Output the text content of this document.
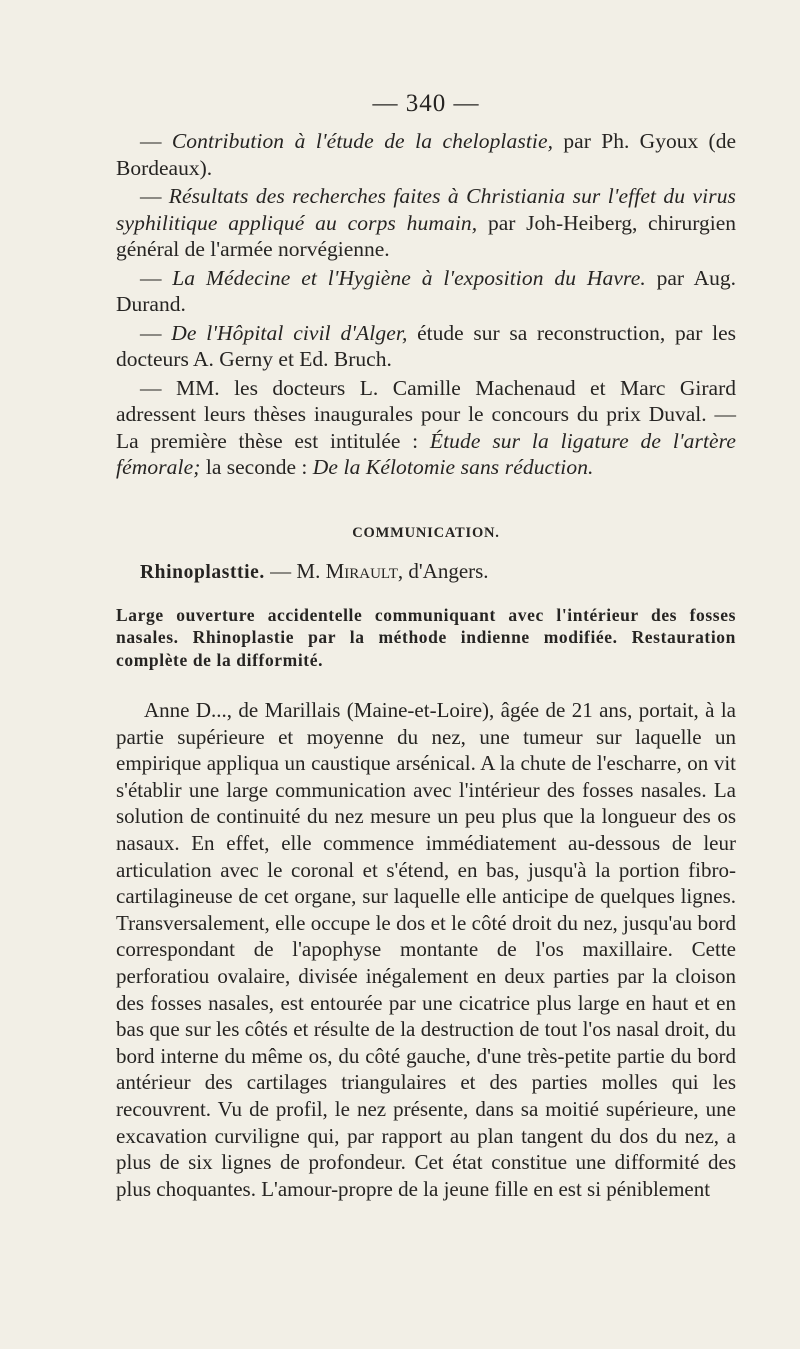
— 340 —

— Contribution à l'étude de la cheloplastie, par Ph. Gyoux (de Bordeaux).

— Résultats des recherches faites à Christiania sur l'effet du virus syphilitique appliqué au corps humain, par Joh-Heiberg, chirurgien général de l'armée norvégienne.

— La Médecine et l'Hygiène à l'exposition du Havre. par Aug. Durand.

— De l'Hôpital civil d'Alger, étude sur sa reconstruction, par les docteurs A. Gerny et Ed. Bruch.

— MM. les docteurs L. Camille Machenaud et Marc Girard adressent leurs thèses inaugurales pour le concours du prix Duval. — La première thèse est intitulée : Étude sur la ligature de l'artère fémorale; la seconde : De la Kélotomie sans réduction.

COMMUNICATION.

Rhinoplasttie. — M. Mirault, d'Angers.

Large ouverture accidentelle communiquant avec l'intérieur des fosses nasales. Rhinoplastie par la méthode indienne modifiée. Restauration complète de la difformité.

Anne D..., de Marillais (Maine-et-Loire), âgée de 21 ans, portait, à la partie supérieure et moyenne du nez, une tumeur sur laquelle un empirique appliqua un caustique arsénical. A la chute de l'escharre, on vit s'établir une large communication avec l'intérieur des fosses nasales. La solution de continuité du nez mesure un peu plus que la longueur des os nasaux. En effet, elle commence immédiatement au-dessous de leur articulation avec le coronal et s'étend, en bas, jusqu'à la portion fibro-cartilagineuse de cet organe, sur laquelle elle anticipe de quelques lignes. Transversalement, elle occupe le dos et le côté droit du nez, jusqu'au bord correspondant de l'apophyse montante de l'os maxillaire. Cette perforatiou ovalaire, divisée inégalement en deux parties par la cloison des fosses nasales, est entourée par une cicatrice plus large en haut et en bas que sur les côtés et résulte de la destruction de tout l'os nasal droit, du bord interne du même os, du côté gauche, d'une très-petite partie du bord antérieur des cartilages triangulaires et des parties molles qui les recouvrent. Vu de profil, le nez présente, dans sa moitié supérieure, une excavation curviligne qui, par rapport au plan tangent du dos du nez, a plus de six lignes de profondeur. Cet état constitue une difformité des plus choquantes. L'amour-propre de la jeune fille en est si péniblement
